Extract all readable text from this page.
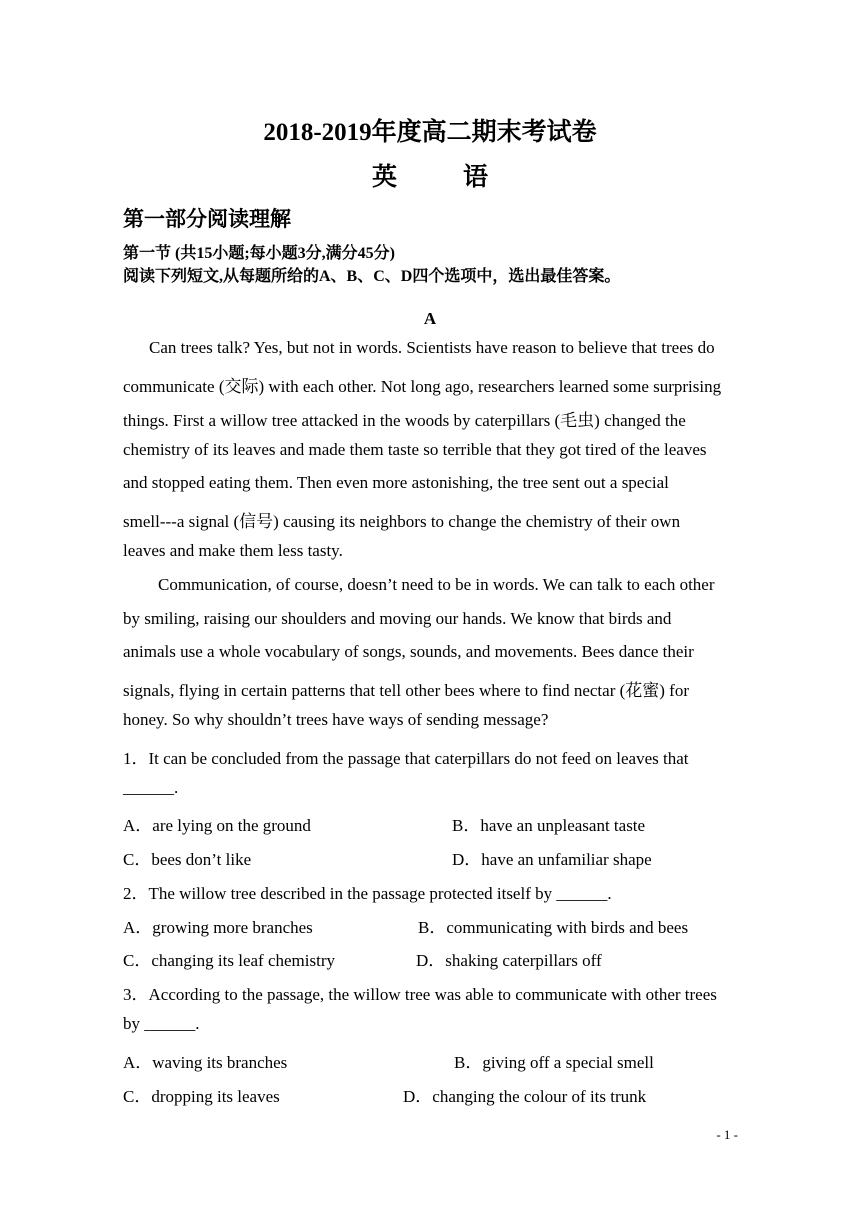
2018-2019年度高二期末考试卷
英	语
第一部分阅读理解
第一节 (共15小题;每小题3分,满分45分)
阅读下列短文,从每题所给的A、B、C、D四个选项中，选出最佳答案。
A
Can trees talk? Yes, but not in words. Scientists have reason to believe that trees do
communicate (交际) with each other. Not long ago, researchers learned some surprising
things. First a willow tree attacked in the woods by caterpillars (毛虫) changed the
chemistry of its leaves and made them taste so terrible that they got tired of the leaves
and stopped eating them. Then even more astonishing, the tree sent out a special
smell---a signal (信号) causing its neighbors to change the chemistry of their own
leaves and make them less tasty.
Communication, of course, doesn’t need to be in words. We can talk to each other
by smiling, raising our shoulders and moving our hands. We know that birds and
animals use a whole vocabulary of songs, sounds, and movements. Bees dance their
signals, flying in certain patterns that tell other bees where to find nectar (花蜜) for
honey. So why shouldn’t trees have ways of sending message?
1．It can be concluded from the passage that caterpillars do not feed on leaves that
______.
A．are lying on the ground	B．have an unpleasant taste
C．bees don’t like	D．have an unfamiliar shape
2．The willow tree described in the passage protected itself by ______.
A．growing more branches	B．communicating with birds and bees
C．changing its leaf chemistry	D．shaking caterpillars off
3．According to the passage, the willow tree was able to communicate with other trees
by ______.
A．waving its branches	B．giving off a special smell
C．dropping its leaves	D．changing the colour of its trunk
- 1 -
